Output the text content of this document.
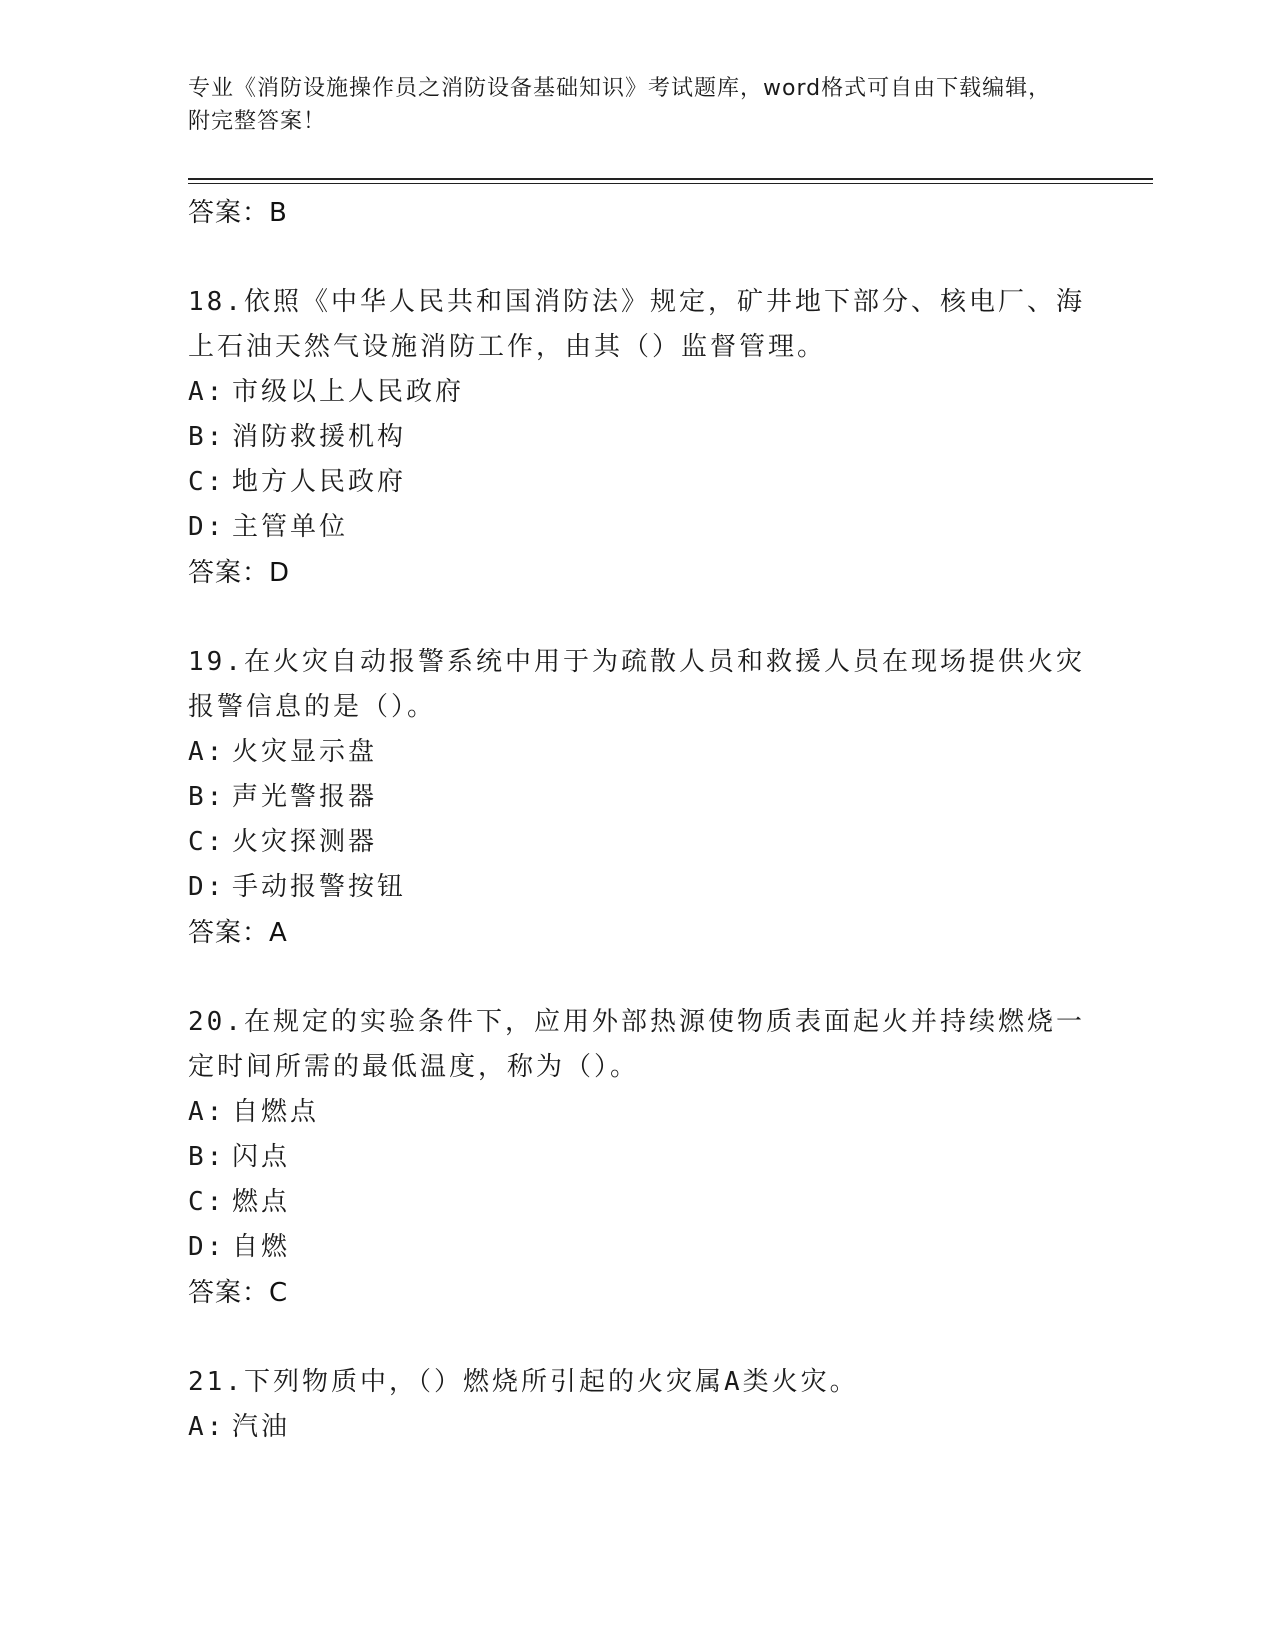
专业《消防设施操作员之消防设备基础知识》考试题库，word格式可自由下载编辑，附完整答案！
答案：B
18.依照《中华人民共和国消防法》规定，矿井地下部分、核电厂、海上石油天然气设施消防工作，由其（）监督管理。
A: 市级以上人民政府
B: 消防救援机构
C: 地方人民政府
D: 主管单位
答案：D
19.在火灾自动报警系统中用于为疏散人员和救援人员在现场提供火灾报警信息的是（）。
A: 火灾显示盘
B: 声光警报器
C: 火灾探测器
D: 手动报警按钮
答案：A
20.在规定的实验条件下，应用外部热源使物质表面起火并持续燃烧一定时间所需的最低温度，称为（）。
A: 自燃点
B: 闪点
C: 燃点
D: 自燃
答案：C
21.下列物质中，（）燃烧所引起的火灾属A类火灾。
A: 汽油
